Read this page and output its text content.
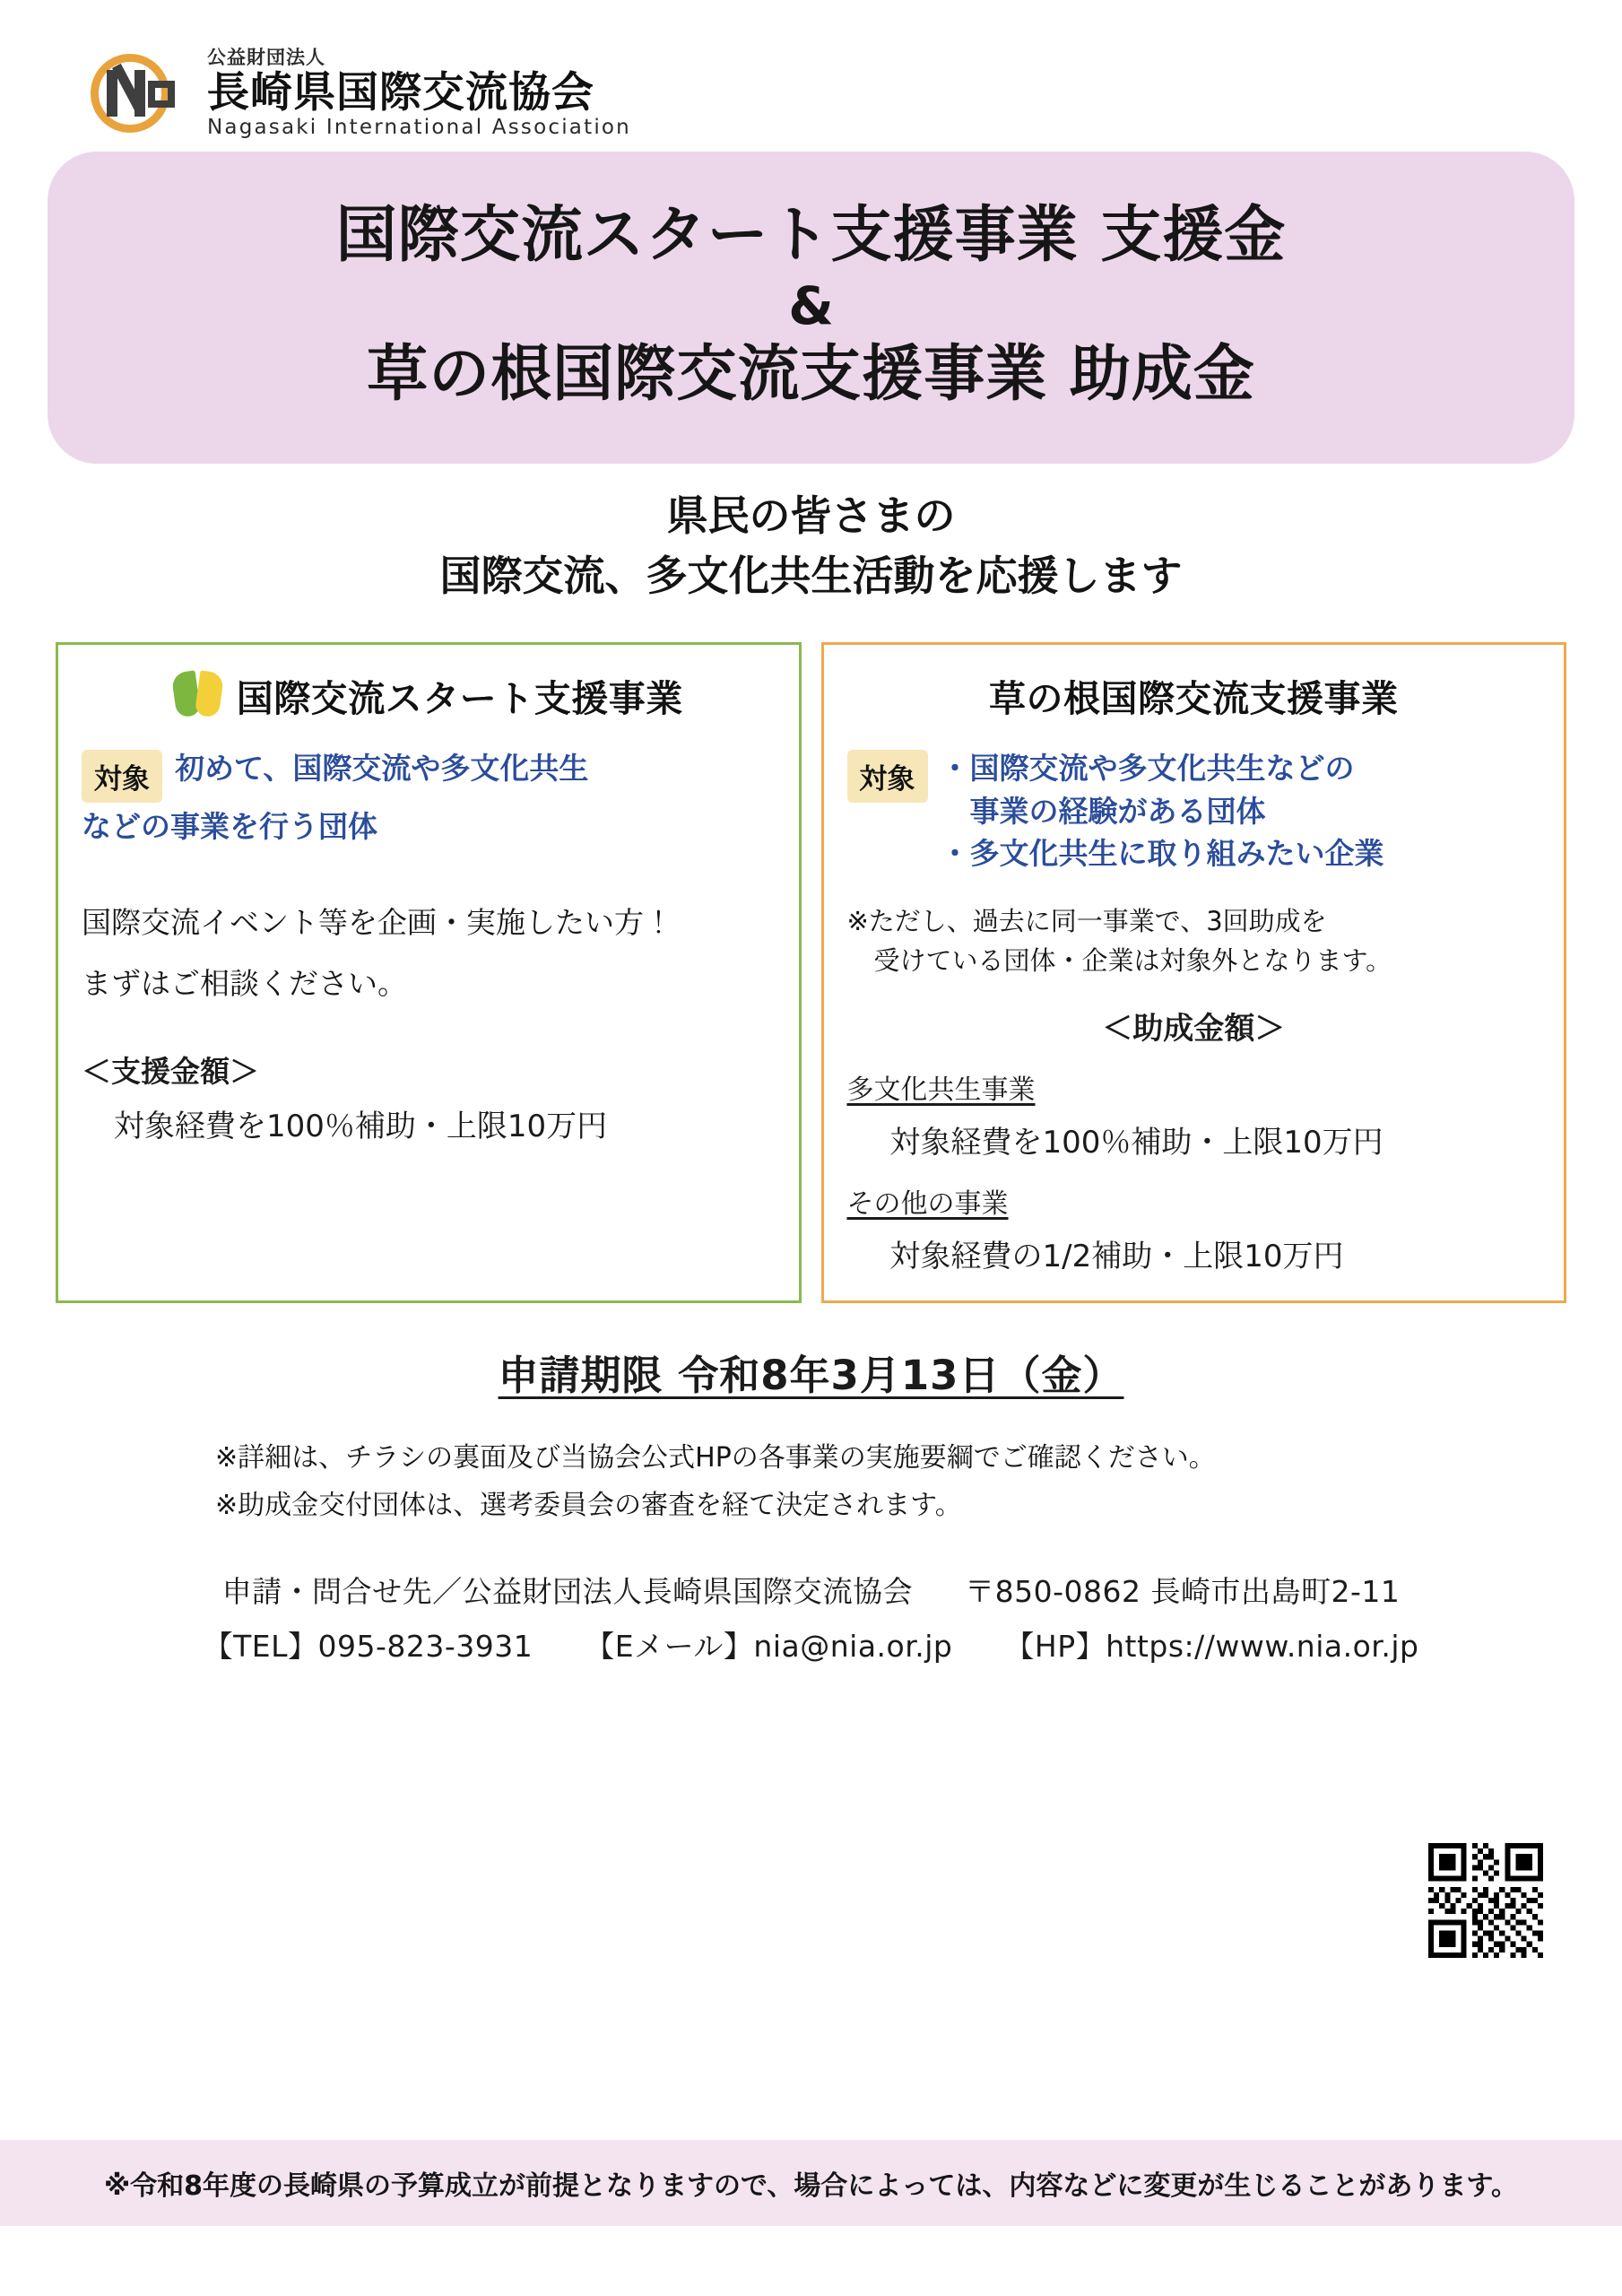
公益財団法人
長崎県国際交流協会
Nagasaki International Association
国際交流スタート支援事業 支援金
&
草の根国際交流支援事業 助成金
県民の皆さまの
国際交流、多文化共生活動を応援します
国際交流スタート支援事業
対象 初めて、国際交流や多文化共生
などの事業を行う団体
国際交流イベント等を企画・実施したい方！
まずはご相談ください。
＜支援金額＞
対象経費を100％補助・上限10万円
草の根国際交流支援事業
対象 ・国際交流や多文化共生などの
　事業の経験がある団体
・多文化共生に取り組みたい企業
※ただし、過去に同一事業で、3回助成を
受けている団体・企業は対象外となります。
＜助成金額＞
多文化共生事業
対象経費を100％補助・上限10万円
その他の事業
対象経費の1/2補助・上限10万円
申請期限 令和8年3月13日（金）
※詳細は、チラシの裏面及び当協会公式HPの各事業の実施要綱でご確認ください。
※助成金交付団体は、選考委員会の審査を経て決定されます。
申請・問合せ先／公益財団法人長崎県国際交流協会 〒850-0862 長崎市出島町2-11
【TEL】095-823-3931 【Eメール】nia@nia.or.jp 【HP】https://www.nia.or.jp
※令和8年度の長崎県の予算成立が前提となりますので、場合によっては、内容などに変更が生じることがあります。
